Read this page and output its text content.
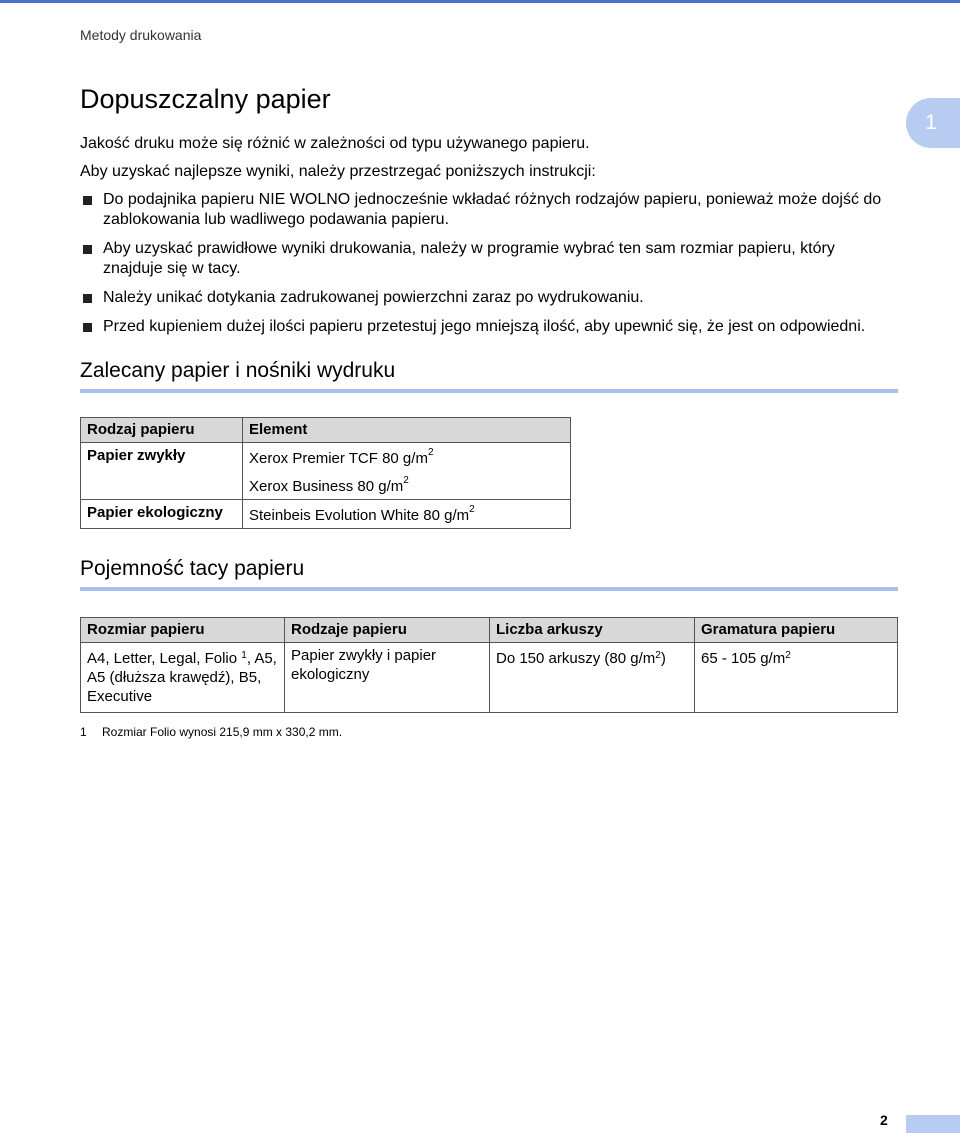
Metody drukowania
1
Dopuszczalny papier

Jakość druku może się różnić w zależności od typu używanego papieru.

Aby uzyskać najlepsze wyniki, należy przestrzegać poniższych instrukcji:

Do podajnika papieru NIE WOLNO jednocześnie wkładać różnych rodzajów papieru, ponieważ może dojść do zablokowania lub wadliwego podawania papieru.
Aby uzyskać prawidłowe wyniki drukowania, należy w programie wybrać ten sam rozmiar papieru, który znajduje się w tacy.
Należy unikać dotykania zadrukowanej powierzchni zaraz po wydrukowaniu.
Przed kupieniem dużej ilości papieru przetestuj jego mniejszą ilość, aby upewnić się, że jest on odpowiedni.
Zalecany papier i nośniki wydruku
Rodzaj papieru	Element
Papier zwykły	Xerox Premier TCF 80 $g/m^2$
	Xerox Business 80 $g/m^2$
Papier ekologiczny	Steinbeis Evolution White 80 $g/m^2$
Pojemność tacy papieru
Rozmiar papieru	Rodzaje papieru	Liczba arkuszy	Gramatura papieru
A4, Letter, Legal, Folio $^1$, A5, A5 (dłuższa krawędź), B5, Executive	Papier zwykły i papier ekologiczny	Do 150 arkuszy (80 $g/m^2$)	65 - 105 $g/m^2$
1	Rozmiar Folio wynosi 215,9 mm x 330,2 mm.
2
